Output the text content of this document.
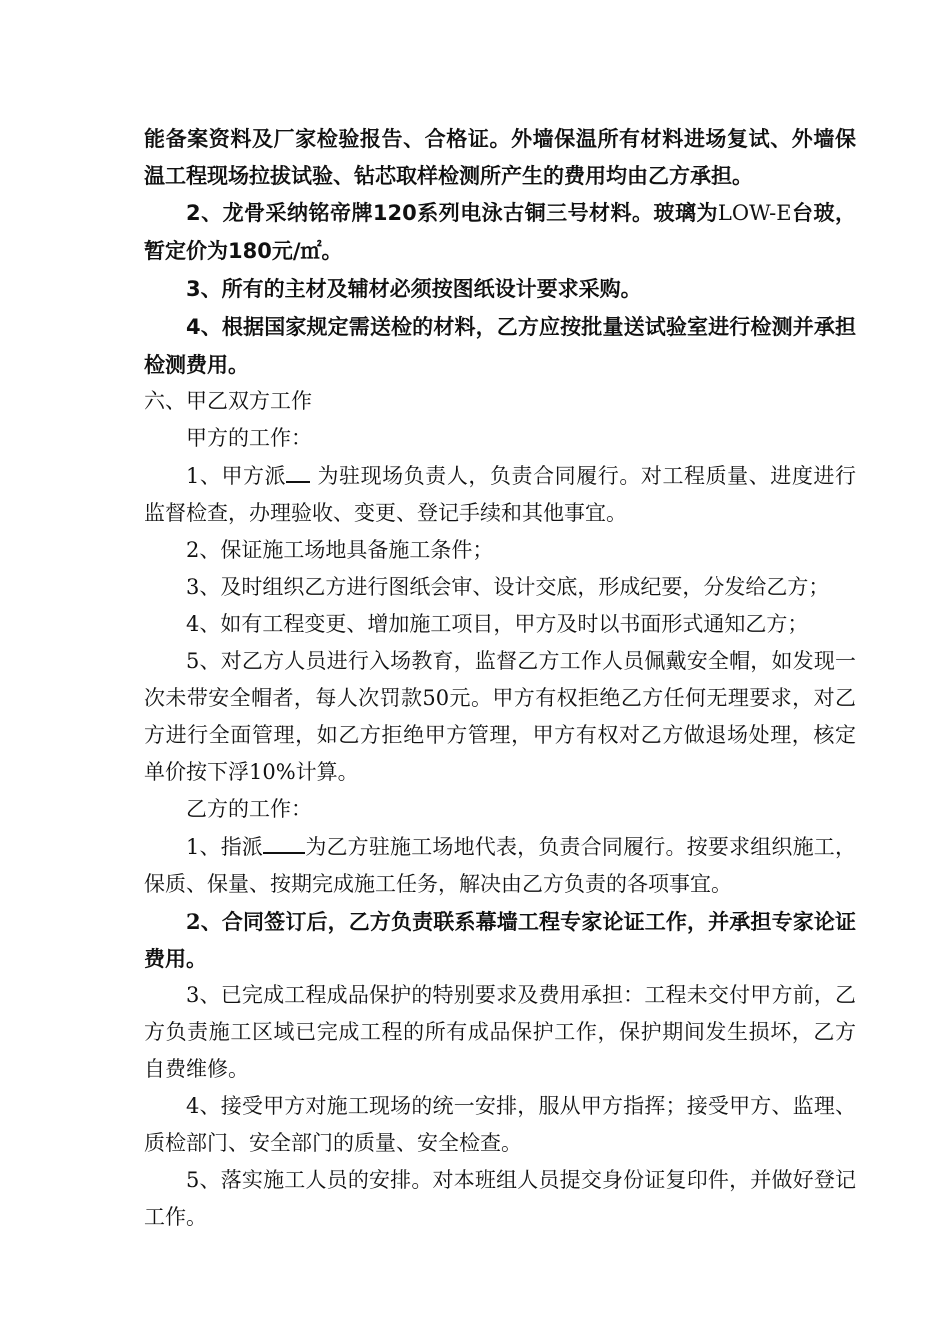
能备案资料及厂家检验报告、合格证。外墙保温所有材料进场复试、外墙保温工程现场拉拔试验、钻芯取样检测所产生的费用均由乙方承担。

2、龙骨采纳铭帝牌120系列电泳古铜三号材料。玻璃为LOW-E台玻，暂定价为180元/㎡。

3、所有的主材及辅材必须按图纸设计要求采购。

4、根据国家规定需送检的材料，乙方应按批量送试验室进行检测并承担检测费用。

六、甲乙双方工作

甲方的工作：

1、甲方派 为驻现场负责人，负责合同履行。对工程质量、进度进行监督检查，办理验收、变更、登记手续和其他事宜。

2、保证施工场地具备施工条件；

3、及时组织乙方进行图纸会审、设计交底，形成纪要，分发给乙方；

4、如有工程变更、增加施工项目，甲方及时以书面形式通知乙方；

5、对乙方人员进行入场教育，监督乙方工作人员佩戴安全帽，如发现一次未带安全帽者，每人次罚款50元。甲方有权拒绝乙方任何无理要求，对乙方进行全面管理，如乙方拒绝甲方管理，甲方有权对乙方做退场处理，核定单价按下浮10%计算。

乙方的工作：

1、指派 为乙方驻施工场地代表，负责合同履行。按要求组织施工，保质、保量、按期完成施工任务，解决由乙方负责的各项事宜。

2、合同签订后，乙方负责联系幕墙工程专家论证工作，并承担专家论证费用。

3、已完成工程成品保护的特别要求及费用承担：工程未交付甲方前，乙方负责施工区域已完成工程的所有成品保护工作，保护期间发生损坏，乙方自费维修。

4、接受甲方对施工现场的统一安排，服从甲方指挥；接受甲方、监理、质检部门、安全部门的质量、安全检查。

5、落实施工人员的安排。对本班组人员提交身份证复印件，并做好登记工作。
